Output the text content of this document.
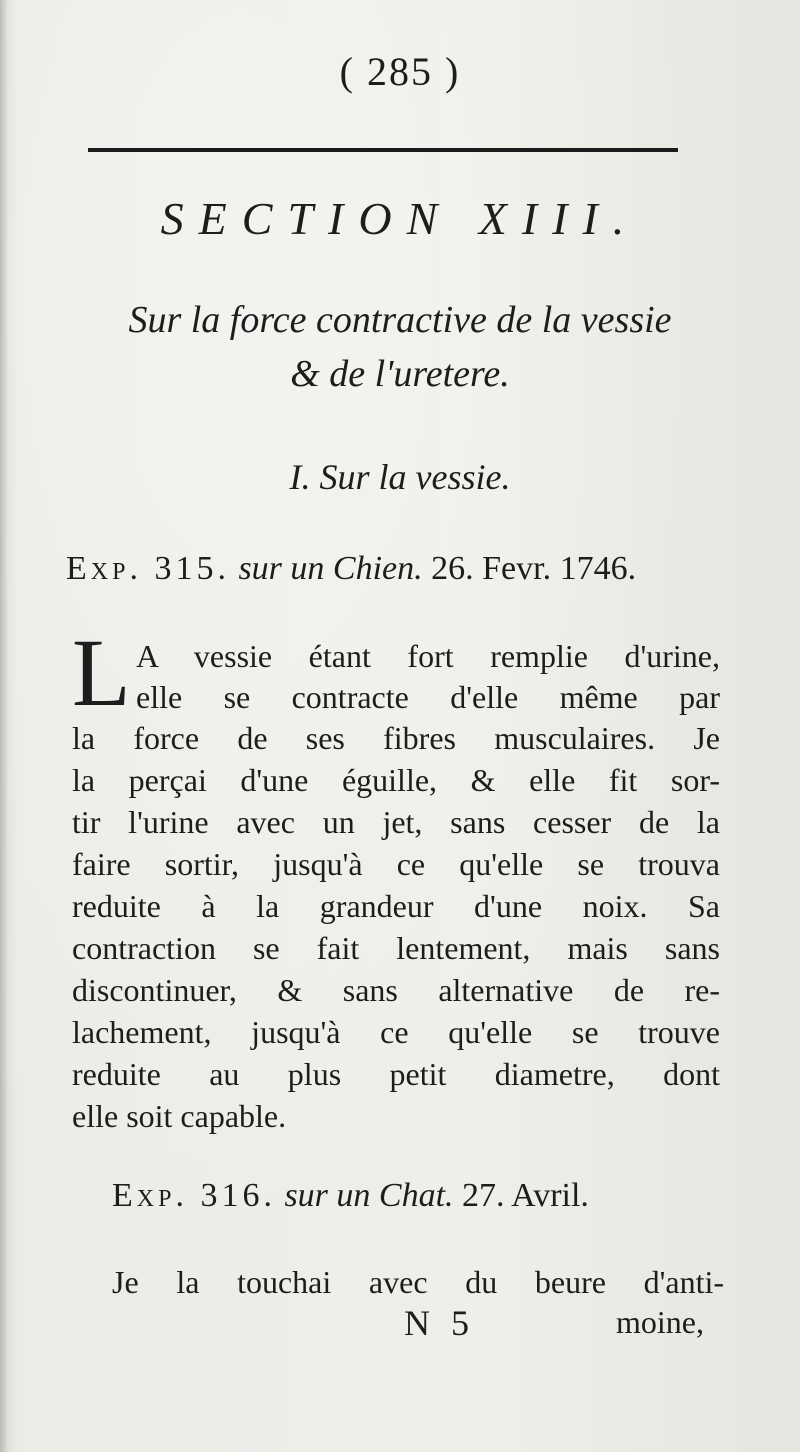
( 285 )
SECTION XIII.
Sur la force contractive de la vessie
& de l'uretere.
I. Sur la vessie.
Exp. 315. sur un Chien. 26. Fevr. 1746.
L A vessie étant fort remplie d'urine,
elle se contracte d'elle même par
la force de ses fibres musculaires. Je
la perçai d'une éguille, & elle fit sor-
tir l'urine avec un jet, sans cesser de la
faire sortir, jusqu'à ce qu'elle se trouva
reduite à la grandeur d'une noix. Sa
contraction se fait lentement, mais sans
discontinuer, & sans alternative de re-
lachement, jusqu'à ce qu'elle se trouve
reduite au plus petit diametre, dont
elle soit capable.
Exp. 316. sur un Chat. 27. Avril.
Je la touchai avec du beure d'anti-
N 5	moine,
